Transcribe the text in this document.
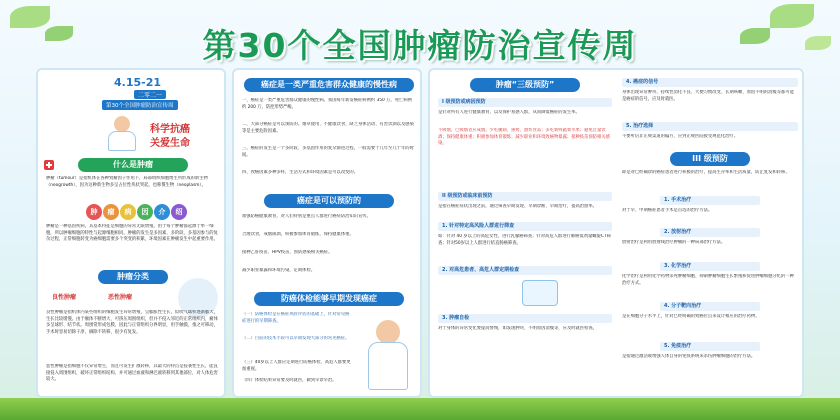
第30个全国肿瘤防治宣传周
4.15-21
二零二一
第30个全国肿瘤防治宣传周
科学抗癌
关爱生命
什么是肿瘤
肿瘤（tumour）是指机体在各种致瘤因子作用下，局部组织细胞增生所形成的新生物（neogrowth），因为这种新生物多呈占位性块状突起，也称赘生物（neoplasm）。
肿	瘤	病	因	介	绍
肿瘤是一种基因疾病，其基本特征是细胞的异常无限增殖。由于每个肿瘤都起源于单一细胞，所以肿瘤细胞的特性与起源细胞相同。肿瘤的发生是多因素、多阶段、多基因参与的复杂过程，正常细胞转变为癌细胞需要多个突变的积累，环境因素在肿瘤发生中起重要作用。
肿瘤分类
良性肿瘤	恶性肿瘤
良性肿瘤是指机体内某些组织的细胞发生异常增殖，呈膨胀性生长，似吹气球样逐渐膨大，生长比较缓慢。由于瘤体不断增大，可挤压周围组织，但并不侵入邻近的正常组织内，瘤体多呈球形、结节状。周围常形成包膜，因此与正常组织分界明显，用手触摸，推之可移动，手术时容易切除干净，摘除不转移，很少有复发。
恶性肿瘤是指细胞不仅异常增生，而且可发生扩散转移，其最大的特点是侵袭性生长，能直接侵入周围组织，破坏正常组织结构，并可通过血液和淋巴液转移到其他部位，对人体危害较大。
癌症是一类严重危害群众健康的慢性病
一、癌症是一类严重危害群众健康的慢性病。我国每年新发癌症病例约 350 万，死亡病例约 200 万，防控形势严峻。
二、大部分癌症是可以预防的。烟草使用、不健康饮食、缺乏身体活动、有害饮酒以及感染等是主要危险因素。
三、癌症的发生是一个多阶段、多基因作用的复杂渐进过程，一般需要十几年至几十年的时间。
四、致癌因素多种多样，生活方式和环境因素是可以改变的。
癌症是可以预防的
加强防癌健康教育，对人们特别是重点人群进行癌症防治知识宣传。
合理饮食，戒烟限酒，积极参加体育锻炼，保持健康体重。
接种乙肝疫苗、HPV疫苗，预防感染相关癌症。
减少职业暴露和环境污染，定期体检。
防癌体检能够早期发现癌症
（一）防癌体检是在癌症风险评估的基础上，针对常见癌症进行的早期筛查。
（二）目前的技术手段可以早期发现大部分的常见癌症。
（三）40岁以上人群应定期进行防癌体检，高危人群要更加重视。
（四）体检结果异常要及时就医，做到早诊早治。
肿瘤“三级预防”
I 级预防或病因预防
是针对所有人进行健康教育，以及保护易感人群，从而降低癌症的发生率。
不吸烟，已吸烟者应戒烟。少吃腌制、熏烤、油炸食品；多吃新鲜蔬菜水果；避免过量饮酒；保持健康体重；积极参加体育锻炼；减少职业和环境致癌物暴露；接种疫苗预防相关感染。
II 级预防或临床前预防
是指在癌症症状出现之前，通过筛查早期发现、早期诊断、早期治疗，提高治愈率。
1. 针对特定高风险人群进行筛查
如：针对 40 岁以上的高危女性，进行乳腺癌筛查；针对高危人群进行肺癌低剂量螺旋CT筛查；针对50岁以上人群进行结直肠癌筛查。
2. 对高危患者、高危人群定期检查
3. 肿瘤自检
对于身体的异常变化要提高警惕，如发现肿块、不明原因消瘦等，应及时就医检查。
4. 癌症的信号
身体出现异常肿块、持续性消化不良、大便习惯改变、长期咳嗽、原因不明的消瘦等都可能是癌症的信号，应及时就医。
5. 治疗选择
不要听信非正规渠道的偏方，应到正规医院接受规范化治疗。
III 级预防
即是对已经确诊的癌症患者进行积极的治疗，提高生存率和生活质量，防止复发和转移。
1. 手术治疗
对于早、中期癌症患者手术是首选的治疗方法。
2. 放射治疗
放射治疗是利用放射线治疗肿瘤的一种局部治疗方法。
3. 化学治疗
化学治疗是利用化学药物杀死肿瘤细胞、抑制肿瘤细胞生长繁殖和促进肿瘤细胞分化的一种治疗方式。
4. 分子靶向治疗
是在细胞分子水平上，针对已经明确的致癌位点来设计相应的治疗药物。
5. 免疫治疗
是指通过激活或增强人体自身的免疫系统来杀伤肿瘤细胞的治疗方法。
